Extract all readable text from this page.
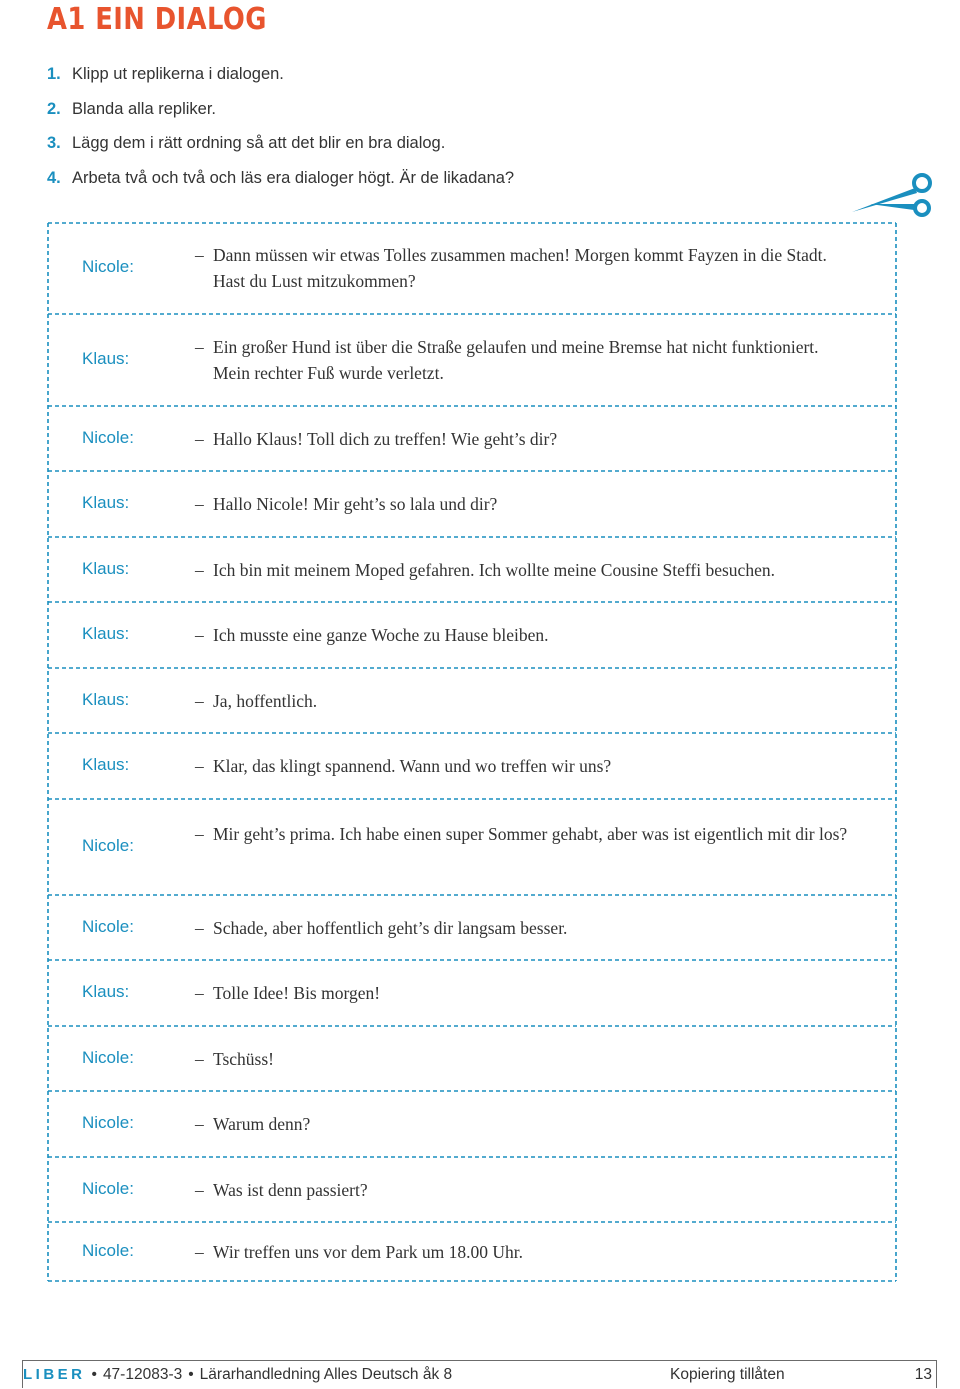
A1 EIN DIALOG
1. Klipp ut replikerna i dialogen.
2. Blanda alla repliker.
3. Lägg dem i rätt ordning så att det blir en bra dialog.
4. Arbeta två och två och läs era dialoger högt. Är de likadana?
Nicole:
– Dann müssen wir etwas Tolles zusammen machen! Morgen kommt Fayzen in die Stadt. Hast du Lust mitzukommen?
Klaus:
– Ein großer Hund ist über die Straße gelaufen und meine Bremse hat nicht funktioniert. Mein rechter Fuß wurde verletzt.
Nicole:	– Hallo Klaus! Toll dich zu treffen! Wie geht’s dir?
Klaus:	– Hallo Nicole! Mir geht’s so lala und dir?
Klaus:	– Ich bin mit meinem Moped gefahren. Ich wollte meine Cousine Steffi besuchen.
Klaus:	– Ich musste eine ganze Woche zu Hause bleiben.
Klaus:	– Ja, hoffentlich.
Klaus:	– Klar, das klingt spannend. Wann und wo treffen wir uns?
Nicole:
– Mir geht’s prima. Ich habe einen super Sommer gehabt, aber was ist eigentlich mit dir los?
Nicole:	– Schade, aber hoffentlich geht’s dir langsam besser.
Klaus:	– Tolle Idee! Bis morgen!
Nicole:	– Tschüss!
Nicole:	– Warum denn?
Nicole:	– Was ist denn passiert?
Nicole:	– Wir treffen uns vor dem Park um 18.00 Uhr.
LIBER • 47-12083-3 • Lärarhandledning Alles Deutsch åk 8	Kopiering tillåten	13
